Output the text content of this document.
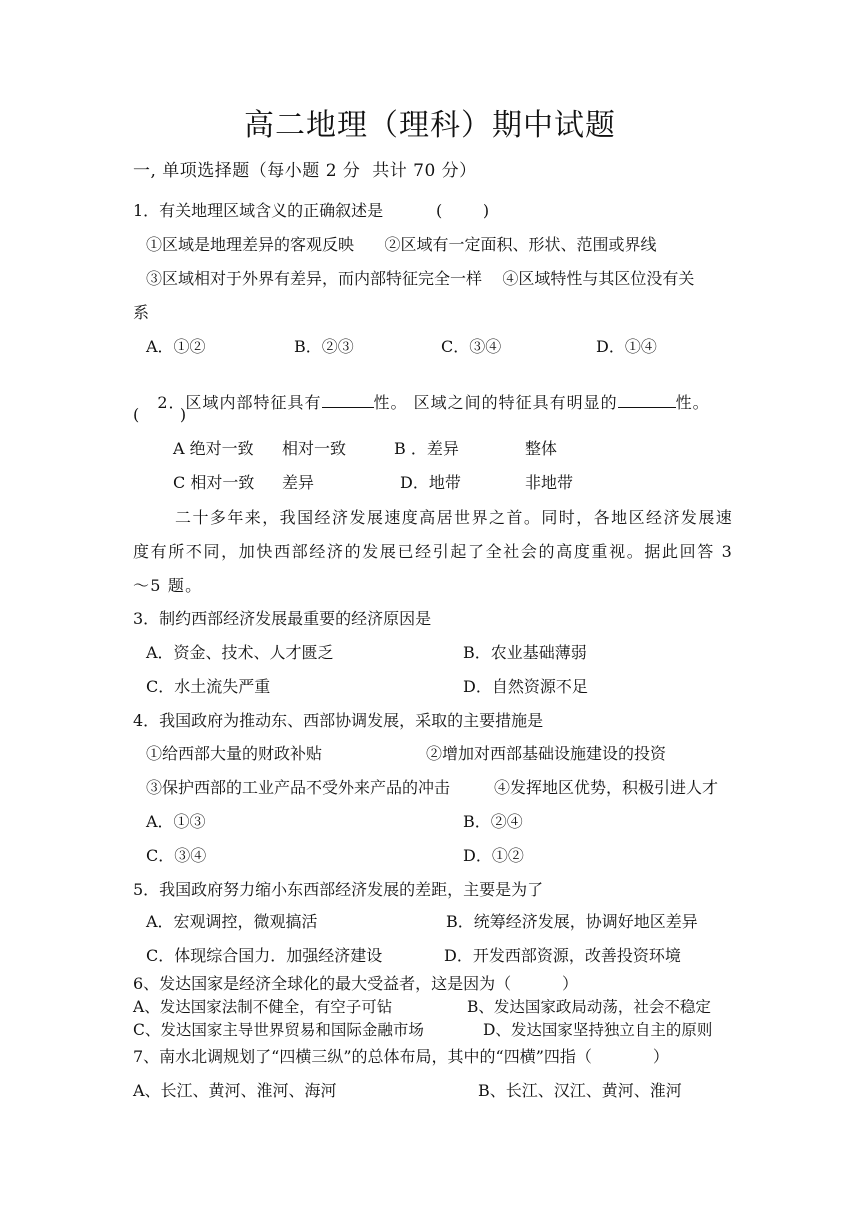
高二地理（理科）期中试题
一, 单项选择题（每小题 2 分  共计 70 分）
1．有关地理区域含义的正确叙述是	(        )
①区域是地理差异的客观反映      ②区域有一定面积、形状、范围或界线
③区域相对于外界有差异，而内部特征完全一样    ④区域特性与其区位没有关
系
A．①②	B．②③	C．③④	D．①④

2．区域内部特征具有	性。 区域之间的特征具有明显的	性。

(        )
A 绝对一致 相对一致	B ．差异	整体
C 相对一致 差异	D．地带	非地带
二十多年来，我国经济发展速度高居世界之首。同时，各地区经济发展速度有所不同，加快西部经济的发展已经引起了全社会的高度重视。据此回答 3～5 题。
3．制约西部经济发展最重要的经济原因是
A．资金、技术、人才匮乏	B．农业基础薄弱
C．水土流失严重	D．自然资源不足
4．我国政府为推动东、西部协调发展，采取的主要措施是
①给西部大量的财政补贴	②增加对西部基础设施建设的投资
③保护西部的工业产品不受外来产品的冲击	④发挥地区优势，积极引进人才
A．①③	B．②④
C．③④	D．①②
5．我国政府努力缩小东西部经济发展的差距，主要是为了
A．宏观调控，微观搞活	B．统筹经济发展，协调好地区差异
C．体现综合国力．加强经济建设	D．开发西部资源，改善投资环境
6、发达国家是经济全球化的最大受益者，这是因为（          ）
A、发达国家法制不健全，有空子可钻	B、发达国家政局动荡，社会不稳定
C、发达国家主导世界贸易和国际金融市场	D、发达国家坚持独立自主的原则
7、南水北调规划了“四横三纵”的总体布局，其中的“四横”四指（            ）
A、长江、黄河、淮河、海河	B、长江、汉江、黄河、淮河
